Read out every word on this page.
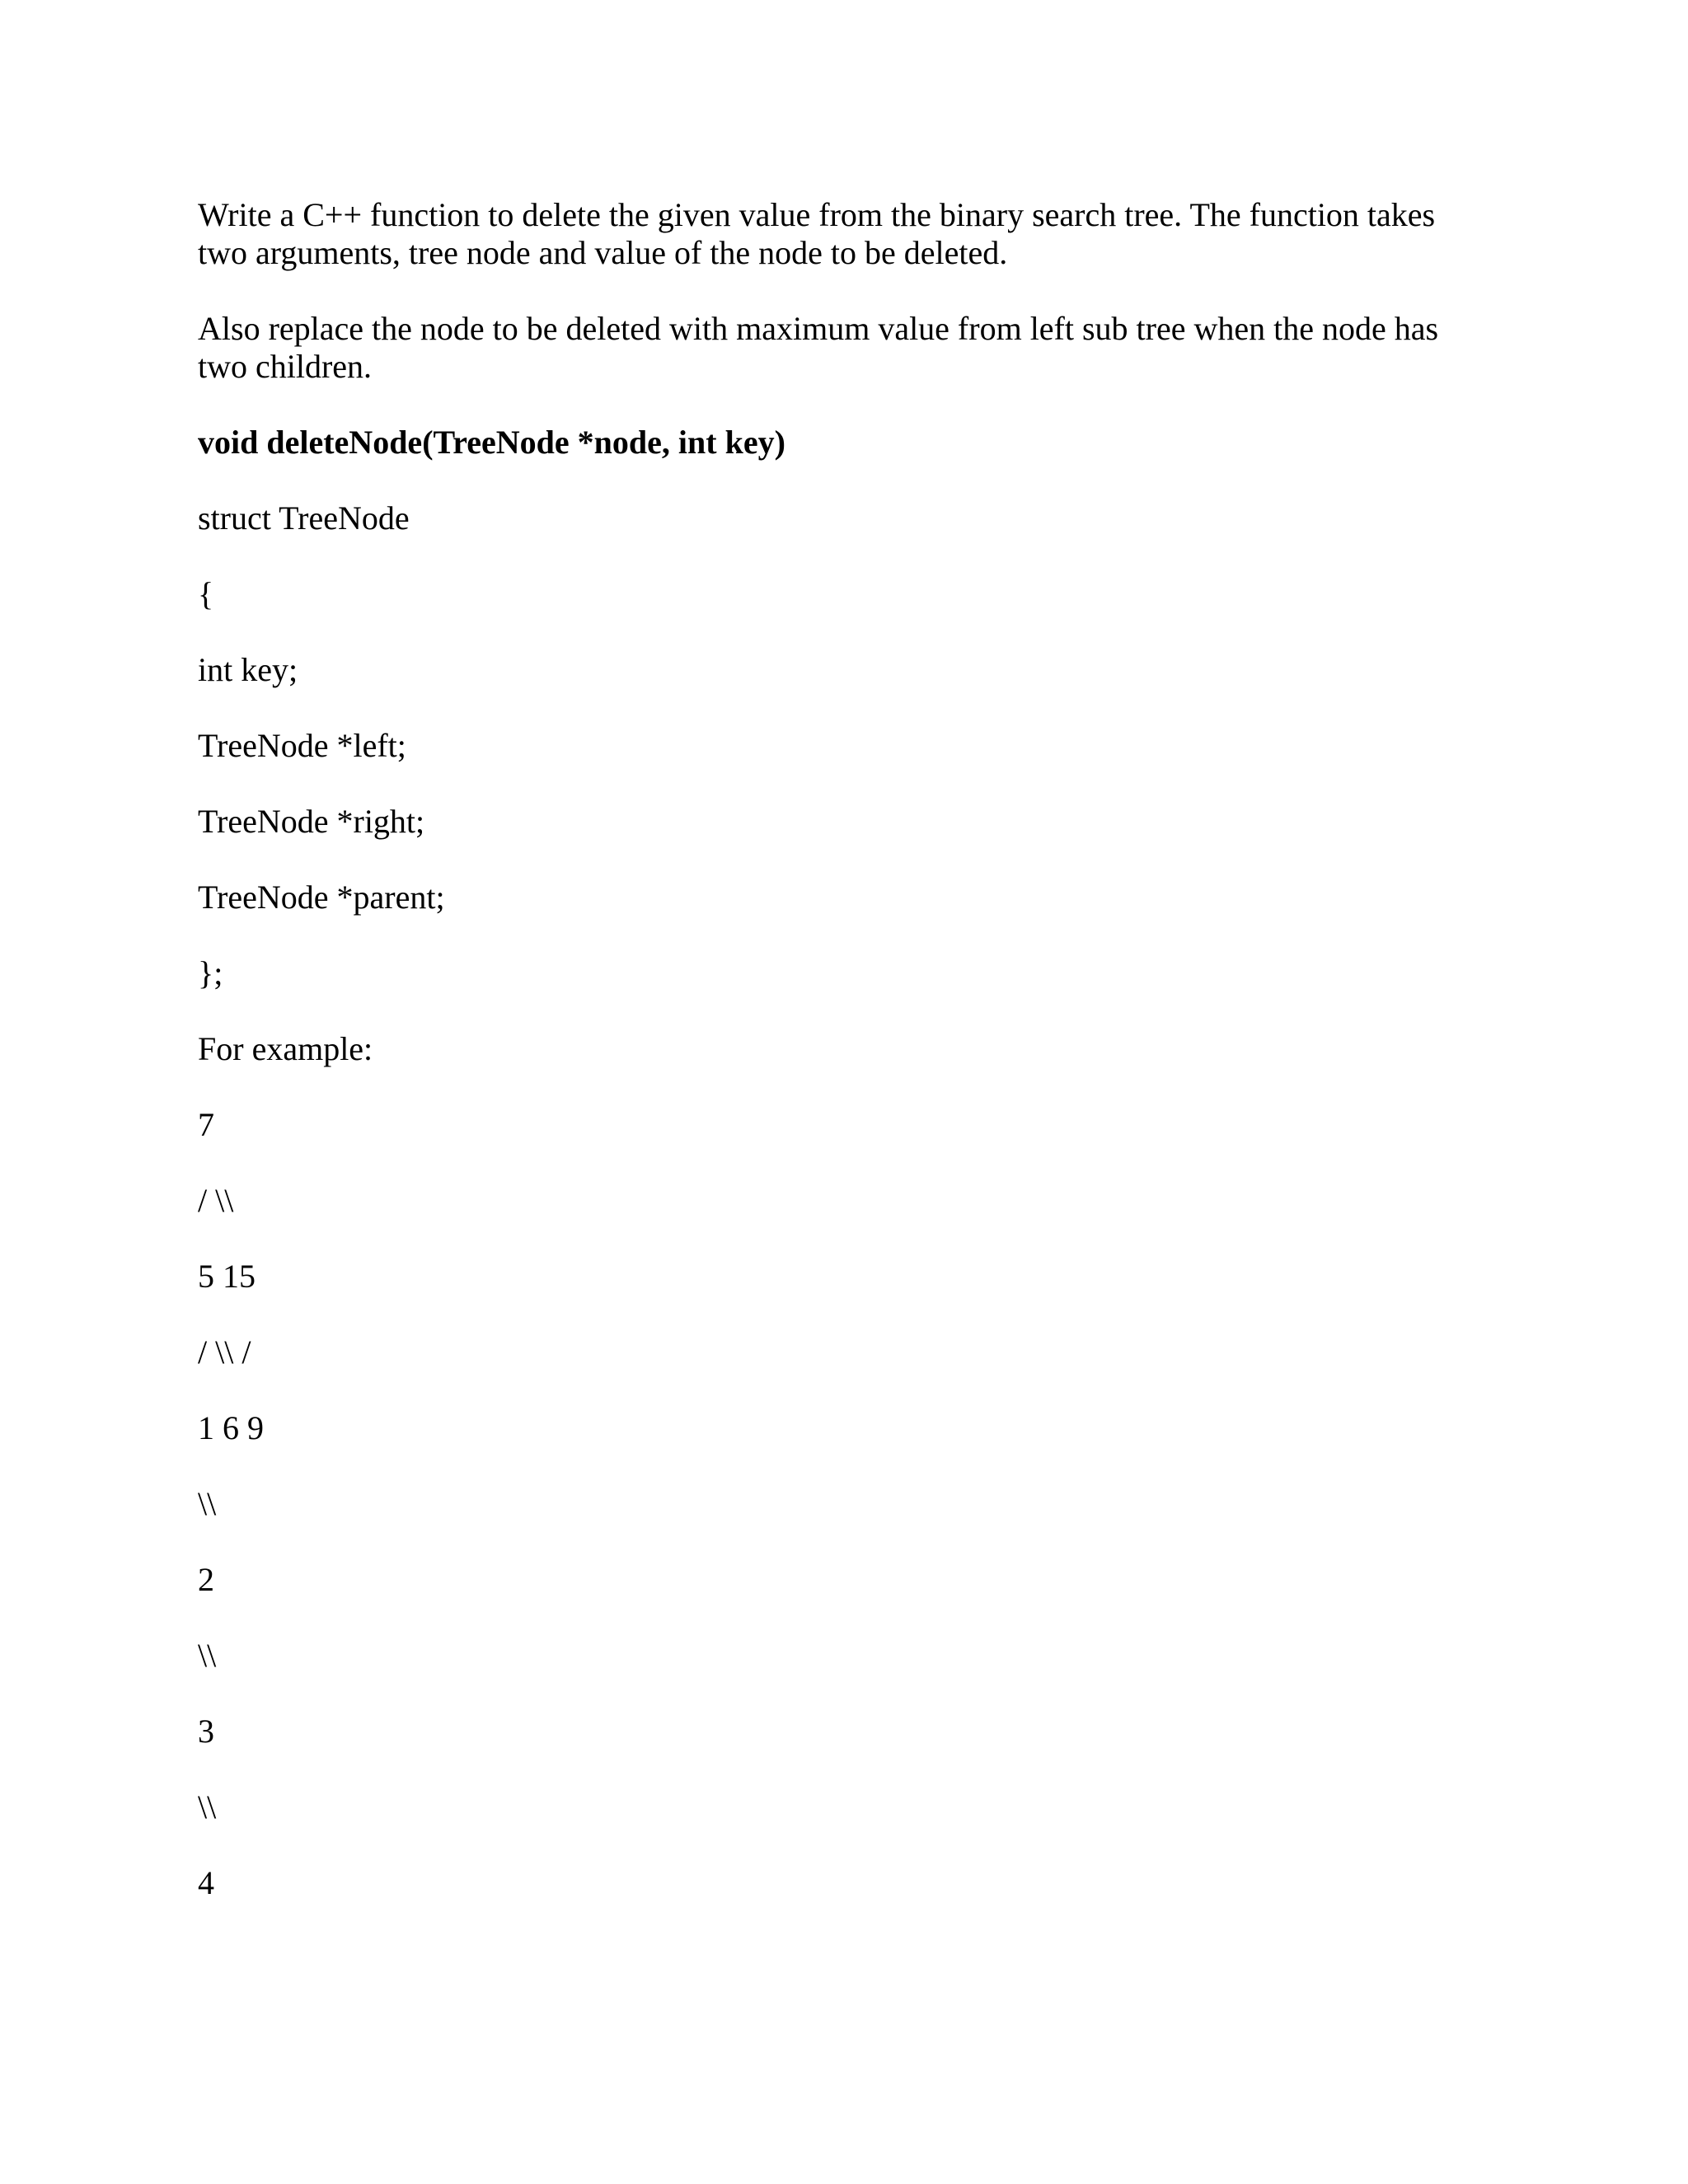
Write a C++ function to delete the given value from the binary search tree. The function takes two arguments, tree node and value of the node to be deleted.

Also replace the node to be deleted with maximum value from left sub tree when the node has two children.

void deleteNode(TreeNode *node, int key)

struct TreeNode

{

int key;

TreeNode *left;

TreeNode *right;

TreeNode *parent;

};

For example:

7

/ \\

5 15

/ \\ /

1 6 9

\\

2

\\

3

\\

4
